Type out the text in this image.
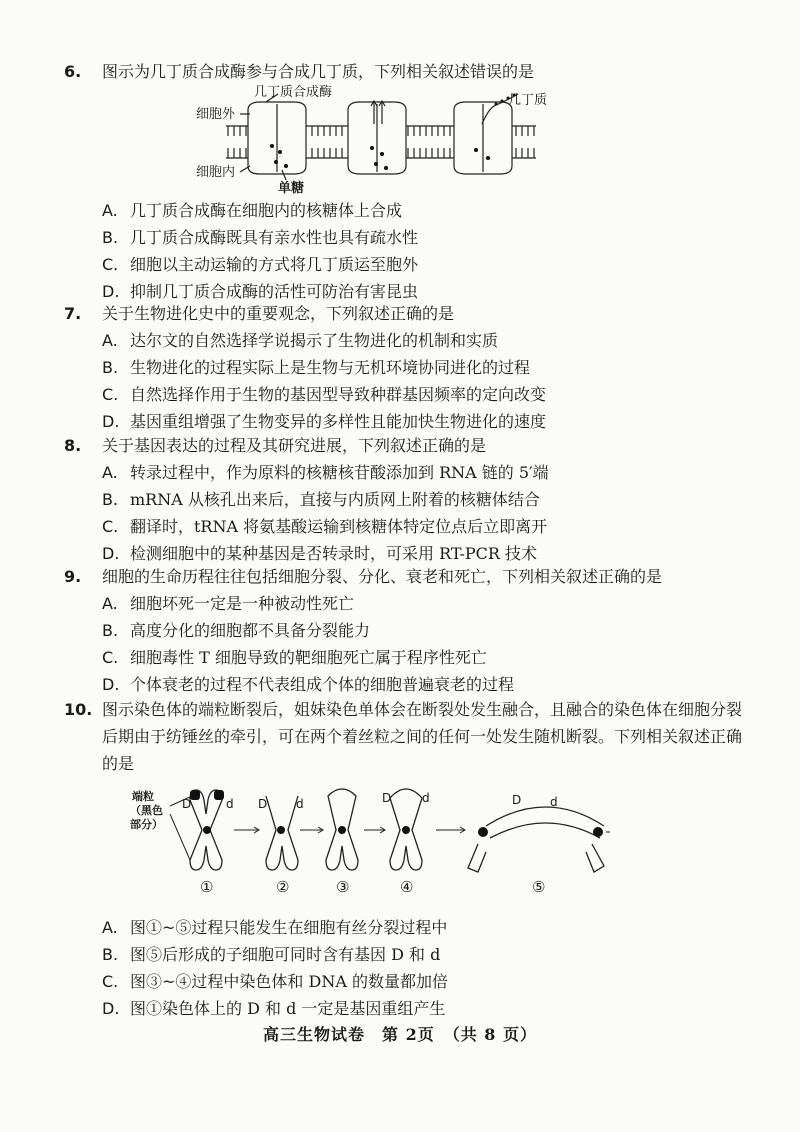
6.	图示为几丁质合成酶参与合成几丁质，下列相关叙述错误的是
几丁质合成酶
细胞外
细胞内
单糖
几丁质
A. 几丁质合成酶在细胞内的核糖体上合成
B. 几丁质合成酶既具有亲水性也具有疏水性
C. 细胞以主动运输的方式将几丁质运至胞外
D. 抑制几丁质合成酶的活性可防治有害昆虫
7.	关于生物进化史中的重要观念，下列叙述正确的是
A. 达尔文的自然选择学说揭示了生物进化的机制和实质
B. 生物进化的过程实际上是生物与无机环境协同进化的过程
C. 自然选择作用于生物的基因型导致种群基因频率的定向改变
D. 基因重组增强了生物变异的多样性且能加快生物进化的速度
8.	关于基因表达的过程及其研究进展，下列叙述正确的是
A. 转录过程中，作为原料的核糖核苷酸添加到 RNA 链的 5′端
B. mRNA 从核孔出来后，直接与内质网上附着的核糖体结合
C. 翻译时，tRNA 将氨基酸运输到核糖体特定位点后立即离开
D. 检测细胞中的某种基因是否转录时，可采用 RT-PCR 技术
9.	细胞的生命历程往往包括细胞分裂、分化、衰老和死亡，下列相关叙述正确的是
A. 细胞坏死一定是一种被动性死亡
B. 高度分化的细胞都不具备分裂能力
C. 细胞毒性 T 细胞导致的靶细胞死亡属于程序性死亡
D. 个体衰老的过程不代表组成个体的细胞普遍衰老的过程
10. 图示染色体的端粒断裂后，姐妹染色单体会在断裂处发生融合，且融合的染色体在细胞分裂后期由于纺锤丝的牵引，可在两个着丝粒之间的任何一处发生随机断裂。下列相关叙述正确的是
端粒
（黑色
部分）
D	d D d	D	d	D d
①	②	③	④	⑤
A. 图①~⑤过程只能发生在细胞有丝分裂过程中
B. 图⑤后形成的子细胞可同时含有基因 D 和 d
C. 图③~④过程中染色体和 DNA 的数量都加倍
D. 图①染色体上的 D 和 d 一定是基因重组产生
高三生物试卷　第 2页　（共 8 页）
